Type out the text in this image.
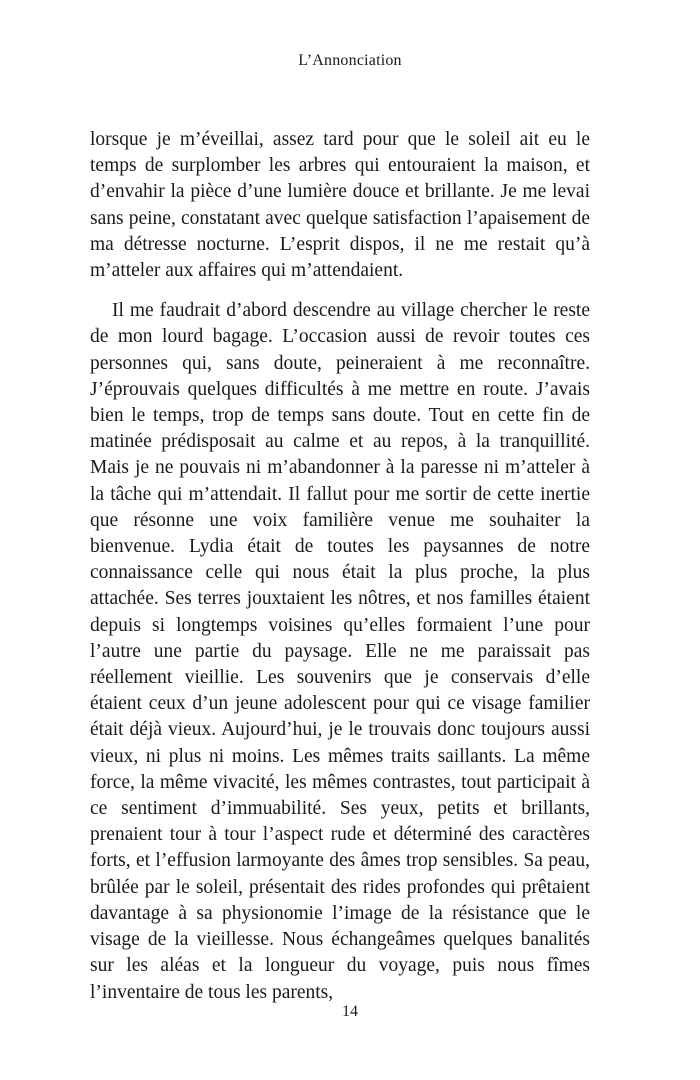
L’Annonciation

lorsque je m’éveillai, assez tard pour que le soleil ait eu le temps de surplomber les arbres qui entouraient la maison, et d’envahir la pièce d’une lumière douce et brillante. Je me levai sans peine, constatant avec quelque satisfaction l’apaisement de ma détresse nocturne. L’esprit dispos, il ne me restait qu’à m’atteler aux affaires qui m’attendaient.

Il me faudrait d’abord descendre au village chercher le reste de mon lourd bagage. L’occasion aussi de revoir toutes ces personnes qui, sans doute, peineraient à me reconnaître. J’éprouvais quelques difficultés à me mettre en route. J’avais bien le temps, trop de temps sans doute. Tout en cette fin de matinée prédisposait au calme et au repos, à la tranquillité. Mais je ne pouvais ni m’abandonner à la paresse ni m’atteler à la tâche qui m’attendait. Il fallut pour me sortir de cette inertie que résonne une voix familière venue me souhaiter la bienvenue. Lydia était de toutes les paysannes de notre connaissance celle qui nous était la plus proche, la plus attachée. Ses terres jouxtaient les nôtres, et nos familles étaient depuis si longtemps voisines qu’elles formaient l’une pour l’autre une partie du paysage. Elle ne me paraissait pas réellement vieillie. Les souvenirs que je conservais d’elle étaient ceux d’un jeune adolescent pour qui ce visage familier était déjà vieux. Aujourd’hui, je le trouvais donc toujours aussi vieux, ni plus ni moins. Les mêmes traits saillants. La même force, la même vivacité, les mêmes contrastes, tout participait à ce sentiment d’immuabilité. Ses yeux, petits et brillants, prenaient tour à tour l’aspect rude et déterminé des caractères forts, et l’effusion larmoyante des âmes trop sensibles. Sa peau, brûlée par le soleil, présentait des rides profondes qui prêtaient davantage à sa physionomie l’image de la résistance que le visage de la vieillesse. Nous échangeâmes quelques banalités sur les aléas et la longueur du voyage, puis nous fîmes l’inventaire de tous les parents,

14
